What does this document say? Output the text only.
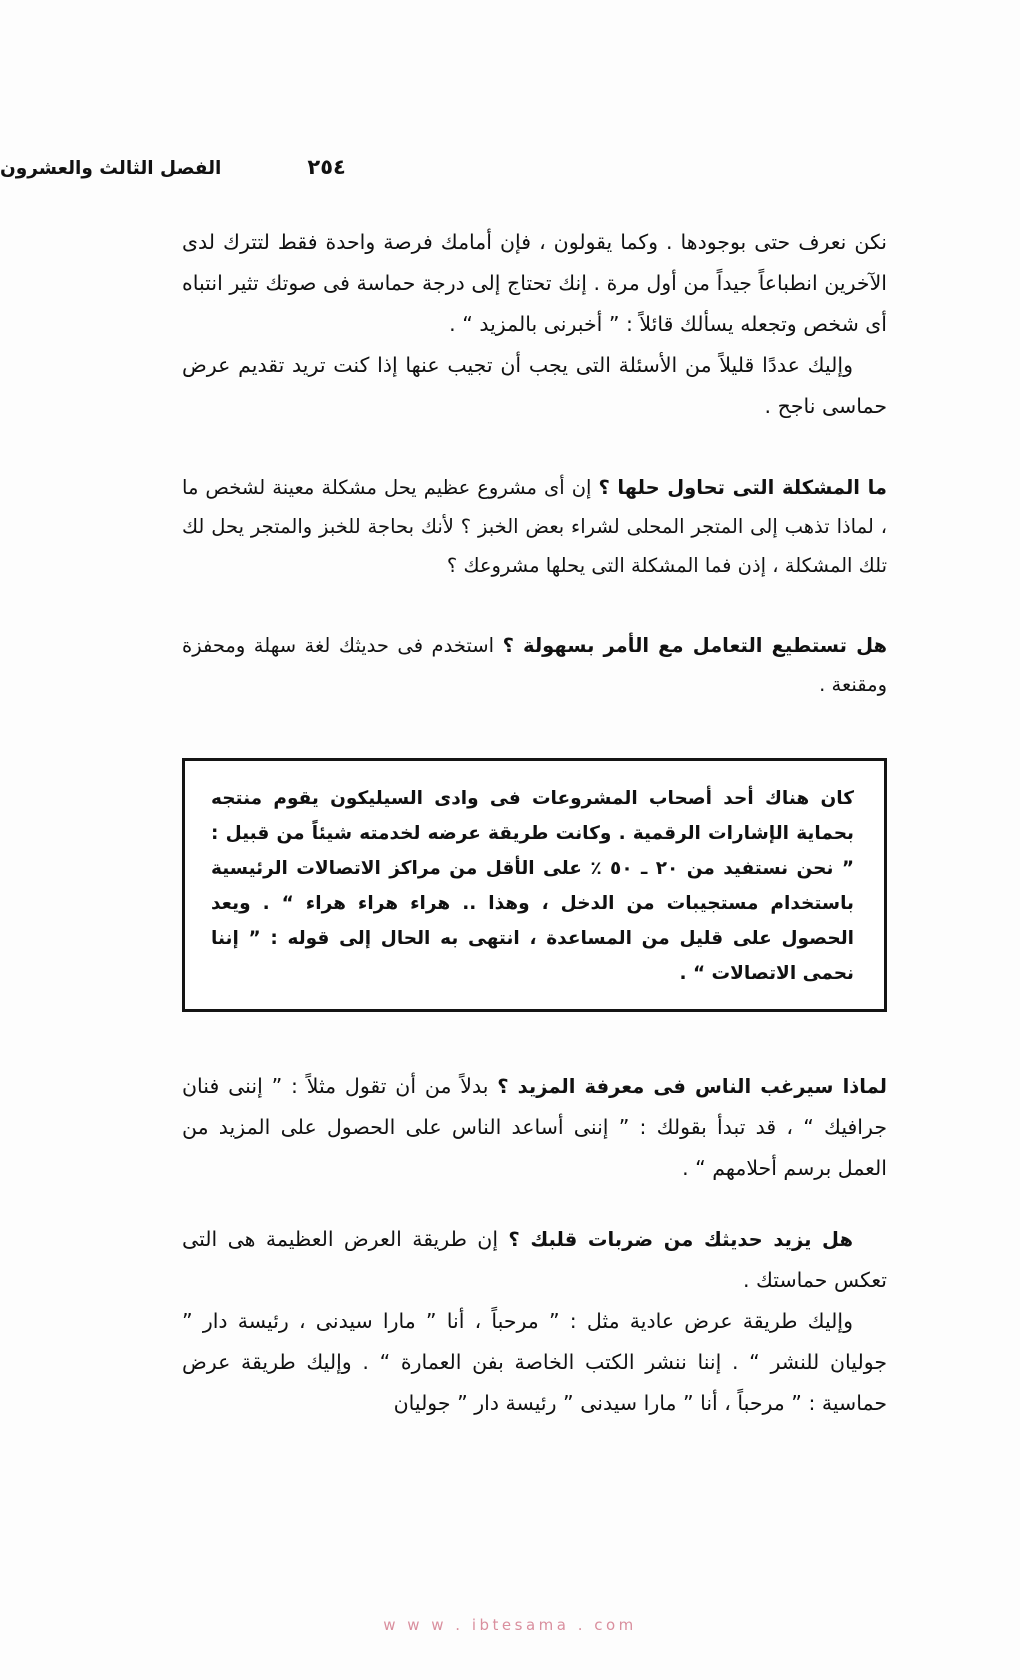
٢٥٤
الفصل الثالث والعشرون

نكن نعرف حتى بوجودها . وكما يقولون ، فإن أمامك فرصة واحدة فقط لتترك لدى الآخرين انطباعاً جيداً من أول مرة . إنك تحتاج إلى درجة حماسة فى صوتك تثير انتباه أى شخص وتجعله يسألك قائلاً : ” أخبرنى بالمزيد “ .

وإليك عددًا قليلاً من الأسئلة التى يجب أن تجيب عنها إذا كنت تريد تقديم عرض حماسى ناجح .

ما المشكلة التى تحاول حلها ؟ إن أى مشروع عظيم يحل مشكلة معينة لشخص ما ، لماذا تذهب إلى المتجر المحلى لشراء بعض الخبز ؟ لأنك بحاجة للخبز والمتجر يحل لك تلك المشكلة ، إذن فما المشكلة التى يحلها مشروعك ؟

هل تستطيع التعامل مع الأمر بسهولة ؟ استخدم فى حديثك لغة سهلة ومحفزة ومقنعة .

كان هناك أحد أصحاب المشروعات فى وادى السيليكون يقوم منتجه بحماية الإشارات الرقمية . وكانت طريقة عرضه لخدمته شيئاً من قبيل : ” نحن نستفيد من ٢٠ ـ ٥٠ ٪ على الأقل من مراكز الاتصالات الرئيسية باستخدام مستجيبات من الدخل ، وهذا .. هراء هراء هراء “ . ويعد الحصول على قليل من المساعدة ، انتهى به الحال إلى قوله : ” إننا نحمى الاتصالات “ .

لماذا سيرغب الناس فى معرفة المزيد ؟ بدلاً من أن تقول مثلاً : ” إننى فنان جرافيك “ ، قد تبدأ بقولك : ” إننى أساعد الناس على الحصول على المزيد من العمل برسم أحلامهم “ .

هل يزيد حديثك من ضربات قلبك ؟ إن طريقة العرض العظيمة هى التى تعكس حماستك .

وإليك طريقة عرض عادية مثل : ” مرحباً ، أنا ” مارا سيدنى ، رئيسة دار ” جوليان للنشر “ . إننا ننشر الكتب الخاصة بفن العمارة “ . وإليك طريقة عرض حماسية : ” مرحباً ، أنا ” مارا سيدنى ” رئيسة دار ” جوليان

w w w . ibtesama . com
